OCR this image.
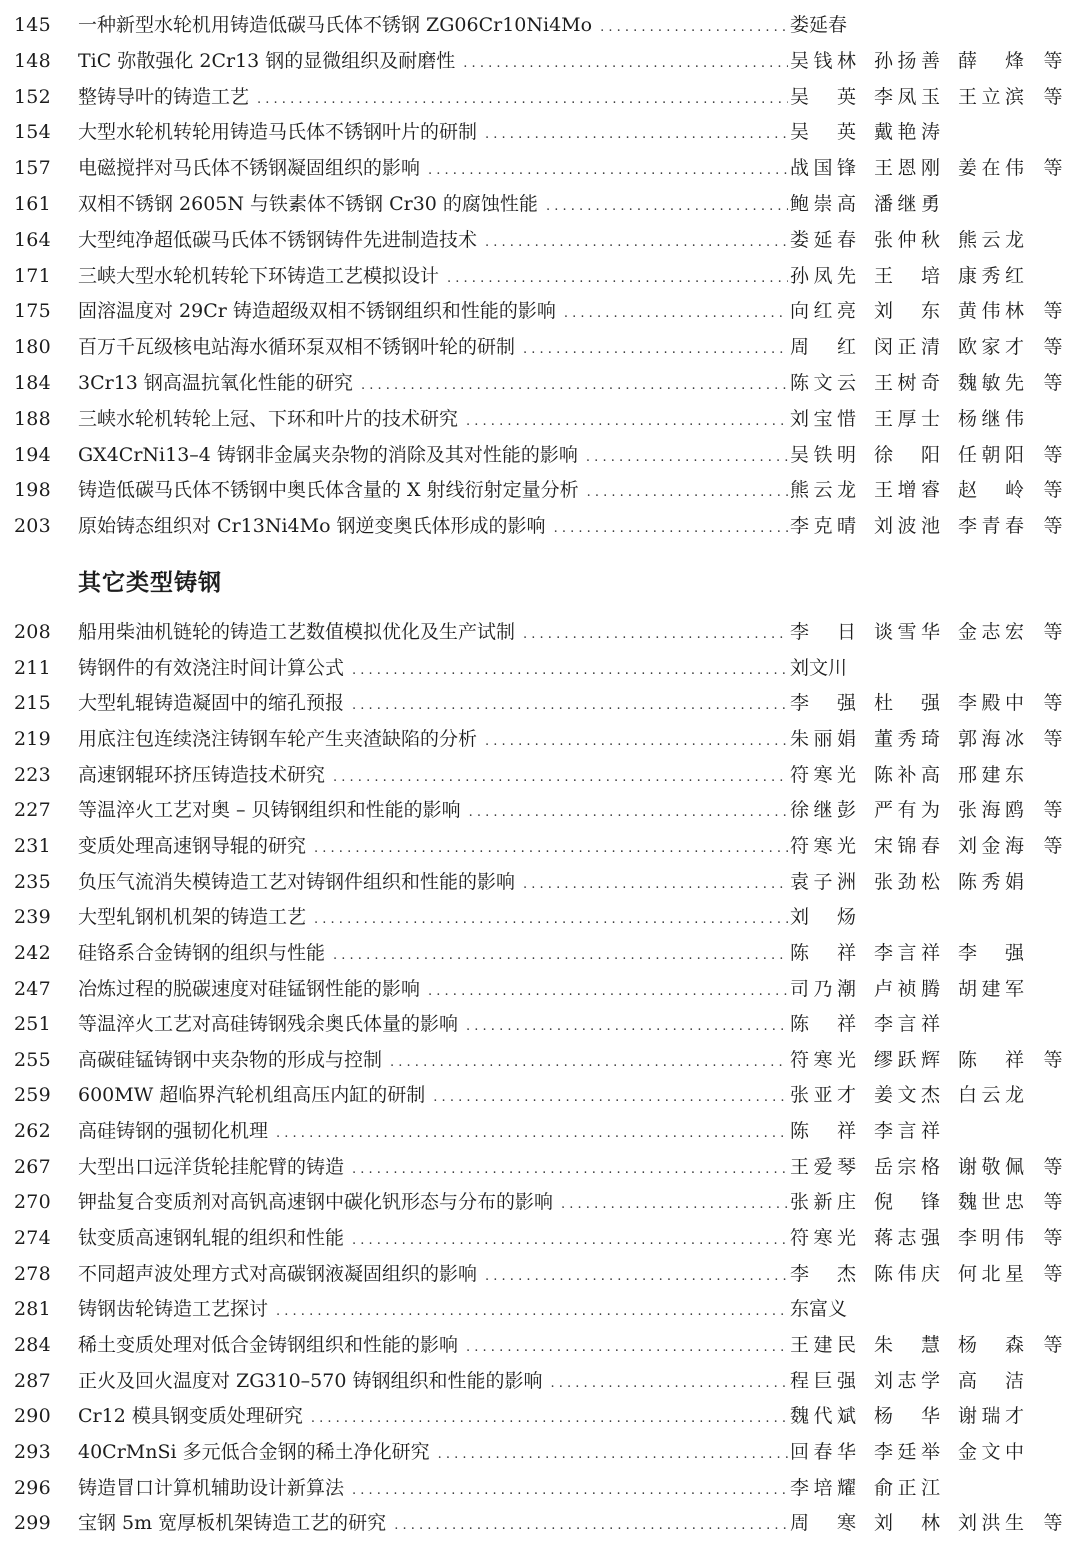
145	一种新型水轮机用铸造低碳马氏体不锈钢 ZG06Cr10Ni4Mo . . .	娄延春
148	TiC 弥散强化 2Cr13 钢的显微组织及耐磨性 . . .	吴钱林 孙扬善 薛　烽 等
152	整铸导叶的铸造工艺 . . .	吴　英 李凤玉 王立滨 等
154	大型水轮机转轮用铸造马氏体不锈钢叶片的研制 . . .	吴　英 戴艳涛
157	电磁搅拌对马氏体不锈钢凝固组织的影响 . . .	战国锋 王恩刚 姜在伟 等
161	双相不锈钢 2605N 与铁素体不锈钢 Cr30 的腐蚀性能 . . .	鲍崇高 潘继勇
164	大型纯净超低碳马氏体不锈钢铸件先进制造技术 . . .	娄延春 张仲秋 熊云龙
171	三峡大型水轮机转轮下环铸造工艺模拟设计 . . .	孙凤先 王　培 康秀红
175	固溶温度对 29Cr 铸造超级双相不锈钢组织和性能的影响 . . .	向红亮 刘　东 黄伟林 等
180	百万千瓦级核电站海水循环泵双相不锈钢叶轮的研制 . . .	周　红 闵正清 欧家才 等
184	3Cr13 钢高温抗氧化性能的研究 . . .	陈文云 王树奇 魏敏先 等
188	三峡水轮机转轮上冠、下环和叶片的技术研究 . . .	刘宝惜 王厚士 杨继伟
194	GX4CrNi13–4 铸钢非金属夹杂物的消除及其对性能的影响 . . .	吴铁明 徐　阳 任朝阳 等
198	铸造低碳马氏体不锈钢中奥氏体含量的 X 射线衍射定量分析 . . .	熊云龙 王增睿 赵　岭 等
203	原始铸态组织对 Cr13Ni4Mo 钢逆变奥氏体形成的影响 . . .	李克晴 刘波池 李青春 等
其它类型铸钢
208	船用柴油机链轮的铸造工艺数值模拟优化及生产试制 . . .	李　日 谈雪华 金志宏 等
211	铸钢件的有效浇注时间计算公式 . . .	刘文川
215	大型轧辊铸造凝固中的缩孔预报 . . .	李　强 杜　强 李殿中 等
219	用底注包连续浇注铸钢车轮产生夹渣缺陷的分析 . . .	朱丽娟 董秀琦 郭海冰 等
223	高速钢辊环挤压铸造技术研究 . . .	符寒光 陈补高 邢建东
227	等温淬火工艺对奥 – 贝铸钢组织和性能的影响 . . .	徐继彭 严有为 张海鸥 等
231	变质处理高速钢导辊的研究 . . .	符寒光 宋锦春 刘金海 等
235	负压气流消失模铸造工艺对铸钢件组织和性能的影响 . . .	袁子洲 张劲松 陈秀娟
239	大型轧钢机机架的铸造工艺 . . .	刘炀
242	硅铬系合金铸钢的组织与性能 . . .	陈　祥 李言祥 李　强
247	冶炼过程的脱碳速度对硅锰钢性能的影响 . . .	司乃潮 卢祯腾 胡建军
251	等温淬火工艺对高硅铸钢残余奥氏体量的影响 . . .	陈　祥 李言祥
255	高碳硅锰铸钢中夹杂物的形成与控制 . . .	符寒光 缪跃辉 陈　祥 等
259	600MW 超临界汽轮机组高压内缸的研制 . . .	张亚才 姜文杰 白云龙
262	高硅铸钢的强韧化机理 . . .	陈　祥 李言祥
267	大型出口远洋货轮挂舵臂的铸造 . . .	王爱琴 岳宗格 谢敬佩 等
270	钾盐复合变质剂对高钒高速钢中碳化钒形态与分布的影响 . . .	张新庄 倪　锋 魏世忠 等
274	钛变质高速钢轧辊的组织和性能 . . .	符寒光 蒋志强 李明伟 等
278	不同超声波处理方式对高碳钢液凝固组织的影响 . . .	李　杰 陈伟庆 何北星 等
281	铸钢齿轮铸造工艺探讨 . . .	东富义
284	稀土变质处理对低合金铸钢组织和性能的影响 . . .	王建民 朱　慧 杨　森 等
287	正火及回火温度对 ZG310–570 铸钢组织和性能的影响 . . .	程巨强 刘志学 高　洁
290	Cr12 模具钢变质处理研究 . . .	魏代斌 杨　华 谢瑞才
293	40CrMnSi 多元低合金钢的稀土净化研究 . . .	回春华 李廷举 金文中
296	铸造冒口计算机辅助设计新算法 . . .	李培耀 俞正江
299	宝钢 5m 宽厚板机架铸造工艺的研究 . . .	周　寒 刘　林 刘洪生 等
